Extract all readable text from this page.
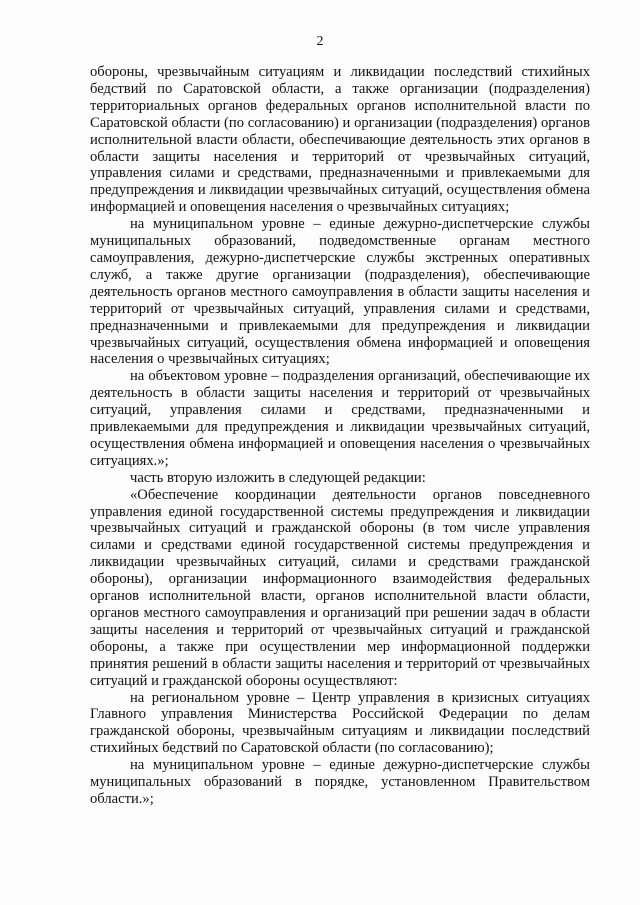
2

обороны, чрезвычайным ситуациям и ликвидации последствий стихийных бедствий по Саратовской области, а также организации (подразделения) территориальных органов федеральных органов исполнительной власти по Саратовской области (по согласованию) и организации (подразделения) органов исполнительной власти области, обеспечивающие деятельность этих органов в области защиты населения и территорий от чрезвычайных ситуаций, управления силами и средствами, предназначенными и привлекаемыми для предупреждения и ликвидации чрезвычайных ситуаций, осуществления обмена информацией и оповещения населения о чрезвычайных ситуациях;

на муниципальном уровне – единые дежурно-диспетчерские службы муниципальных образований, подведомственные органам местного самоуправления, дежурно-диспетчерские службы экстренных оперативных служб, а также другие организации (подразделения), обеспечивающие деятельность органов местного самоуправления в области защиты населения и территорий от чрезвычайных ситуаций, управления силами и средствами, предназначенными и привлекаемыми для предупреждения и ликвидации чрезвычайных ситуаций, осуществления обмена информацией и оповещения населения о чрезвычайных ситуациях;

на объектовом уровне – подразделения организаций, обеспечивающие их деятельность в области защиты населения и территорий от чрезвычайных ситуаций, управления силами и средствами, предназначенными и привлекаемыми для предупреждения и ликвидации чрезвычайных ситуаций, осуществления обмена информацией и оповещения населения о чрезвычайных ситуациях.»;

часть вторую изложить в следующей редакции:

«Обеспечение координации деятельности органов повседневного управления единой государственной системы предупреждения и ликвидации чрезвычайных ситуаций и гражданской обороны (в том числе управления силами и средствами единой государственной системы предупреждения и ликвидации чрезвычайных ситуаций, силами и средствами гражданской обороны), организации информационного взаимодействия федеральных органов исполнительной власти, органов исполнительной власти области, органов местного самоуправления и организаций при решении задач в области защиты населения и территорий от чрезвычайных ситуаций и гражданской обороны, а также при осуществлении мер информационной поддержки принятия решений в области защиты населения и территорий от чрезвычайных ситуаций и гражданской обороны осуществляют:

на региональном уровне – Центр управления в кризисных ситуациях Главного управления Министерства Российской Федерации по делам гражданской обороны, чрезвычайным ситуациям и ликвидации последствий стихийных бедствий по Саратовской области (по согласованию);

на муниципальном уровне – единые дежурно-диспетчерские службы муниципальных образований в порядке, установленном Правительством области.»;
